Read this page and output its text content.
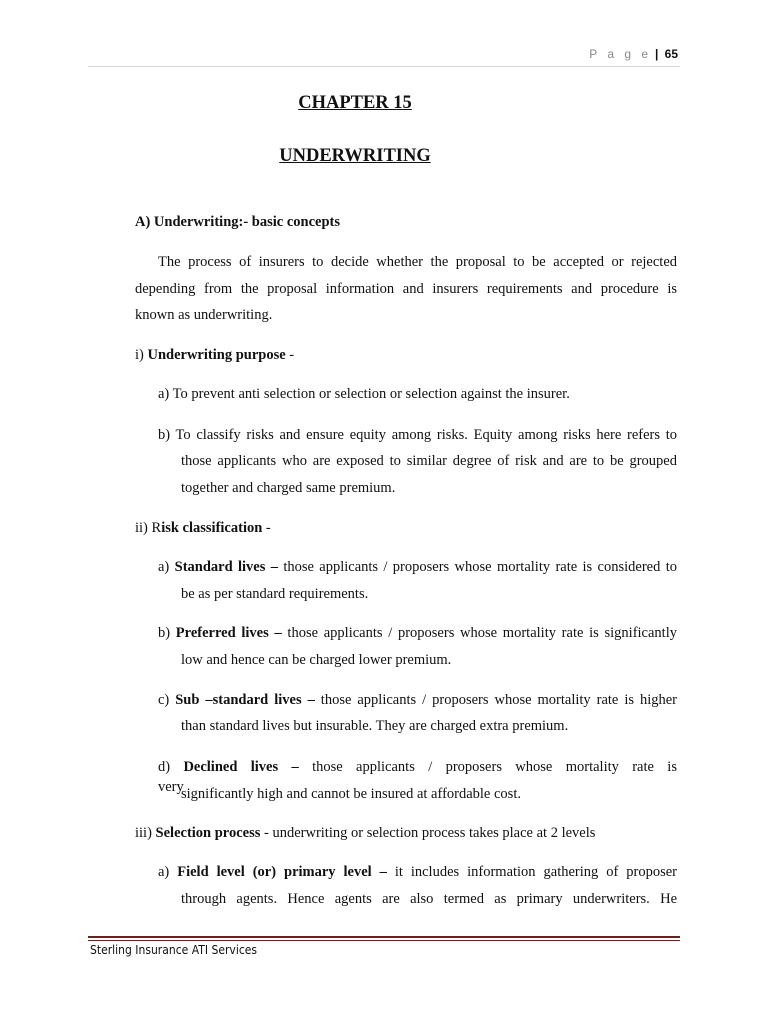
P a g e | 65
CHAPTER 15
UNDERWRITING
A) Underwriting:- basic concepts
The process of insurers to decide whether the proposal to be accepted or rejected
depending from the proposal information and insurers requirements and procedure is
known as underwriting.
i) Underwriting purpose -
a) To prevent anti selection or selection or selection against the insurer.
b) To classify risks and ensure equity among risks. Equity among risks here refers to
those applicants who are exposed to similar degree of risk and are to be grouped
together and charged same premium.
ii) Risk classification -
a) Standard lives – those applicants / proposers whose mortality rate is considered to
be as per standard requirements.
b) Preferred lives – those applicants / proposers whose mortality rate is significantly
low and hence can be charged lower premium.
c) Sub –standard lives – those applicants / proposers whose mortality rate is higher
than standard lives but insurable. They are charged extra premium.
d) Declined lives – those applicants / proposers whose mortality rate is very
significantly high and cannot be insured at affordable cost.
iii) Selection process - underwriting or selection process takes place at 2 levels
a) Field level (or) primary level – it includes information gathering of proposer
through agents. Hence agents are also termed as primary underwriters. He
Sterling Insurance ATI Services
